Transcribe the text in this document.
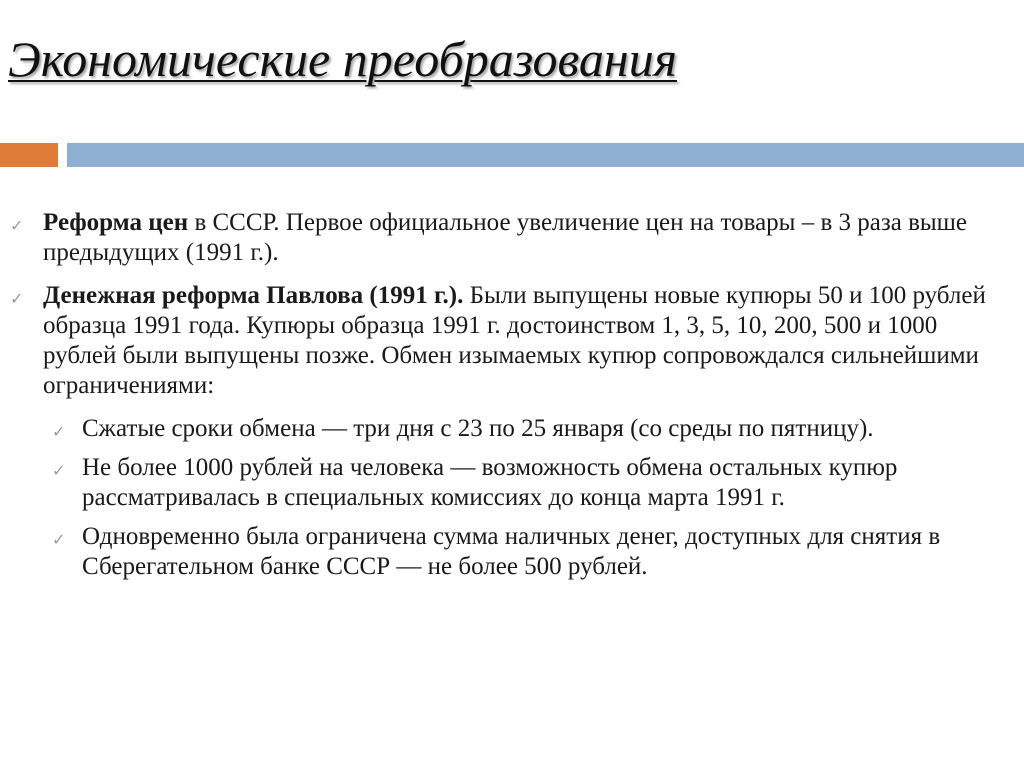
Экономические преобразования
✓ Реформа цен в СССР. Первое официальное увеличение цен на товары – в 3 раза выше предыдущих (1991 г.).
✓ Денежная реформа Павлова (1991 г.). Были выпущены новые купюры 50 и 100 рублей образца 1991 года. Купюры образца 1991 г. достоинством 1, 3, 5, 10, 200, 500 и 1000 рублей были выпущены позже. Обмен изымаемых купюр сопровождался сильнейшими ограничениями:
✓ Сжатые сроки обмена — три дня с 23 по 25 января (со среды по пятницу).
✓ Не более 1000 рублей на человека — возможность обмена остальных купюр рассматривалась в специальных комиссиях до конца марта 1991 г.
✓ Одновременно была ограничена сумма наличных денег, доступных для снятия в Сберегательном банке СССР — не более 500 рублей.
